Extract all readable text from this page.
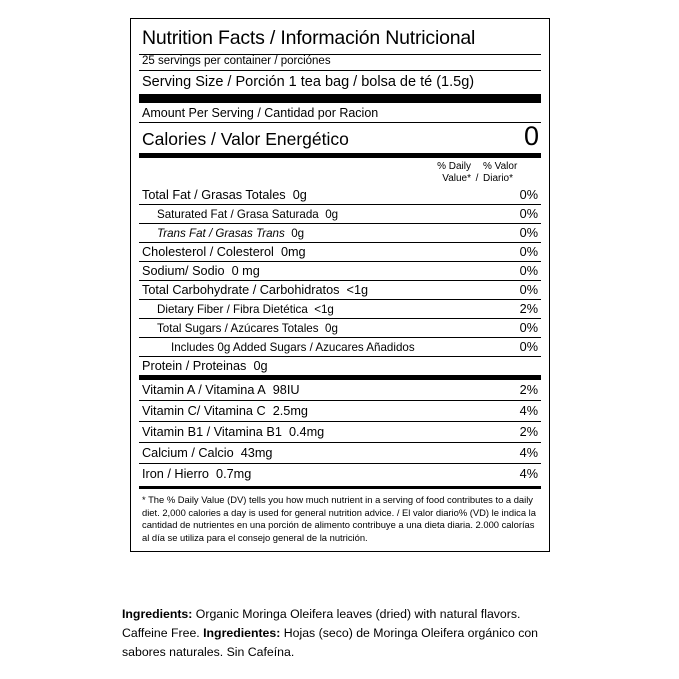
Nutrition Facts / Información Nutricional
25 servings per container / porciónes
Serving Size / Porción 1 tea bag / bolsa de té (1.5g)
Amount Per Serving / Cantidad por Racion
Calories / Valor Energético	0
% Daily
Value* /
% Valor
Diario*
Total Fat / Grasas Totales 0g	0%
Saturated Fat / Grasa Saturada 0g	0%
Trans Fat / Grasas Trans 0g	0%
Cholesterol / Colesterol 0mg	0%
Sodium/ Sodio 0 mg	0%
Total Carbohydrate / Carbohidratos <1g	0%
Dietary Fiber / Fibra Dietética <1g	2%
Total Sugars / Azúcares Totales 0g	0%
Includes 0g Added Sugars / Azucares Añadidos	0%
Protein / Proteinas 0g	
Vitamin A / Vitamina A 98IU	2%
Vitamin C/ Vitamina C 2.5mg	4%
Vitamin B1 / Vitamina B1 0.4mg	2%
Calcium / Calcio 43mg	4%
Iron / Hierro 0.7mg	4%
* The % Daily Value (DV) tells you how much nutrient in a serving of food contributes to a daily diet. 2,000 calories a day is used for general nutrition advice. / El valor diario% (VD) le indica la cantidad de nutrientes en una porción de alimento contribuye a una dieta diaria. 2.000 calorías al día se utiliza para el consejo general de la nutrición.
Ingredients: Organic Moringa Oleifera leaves (dried) with natural flavors. Caffeine Free. Ingredientes: Hojas (seco) de Moringa Oleifera orgánico con sabores naturales. Sin Cafeína.
